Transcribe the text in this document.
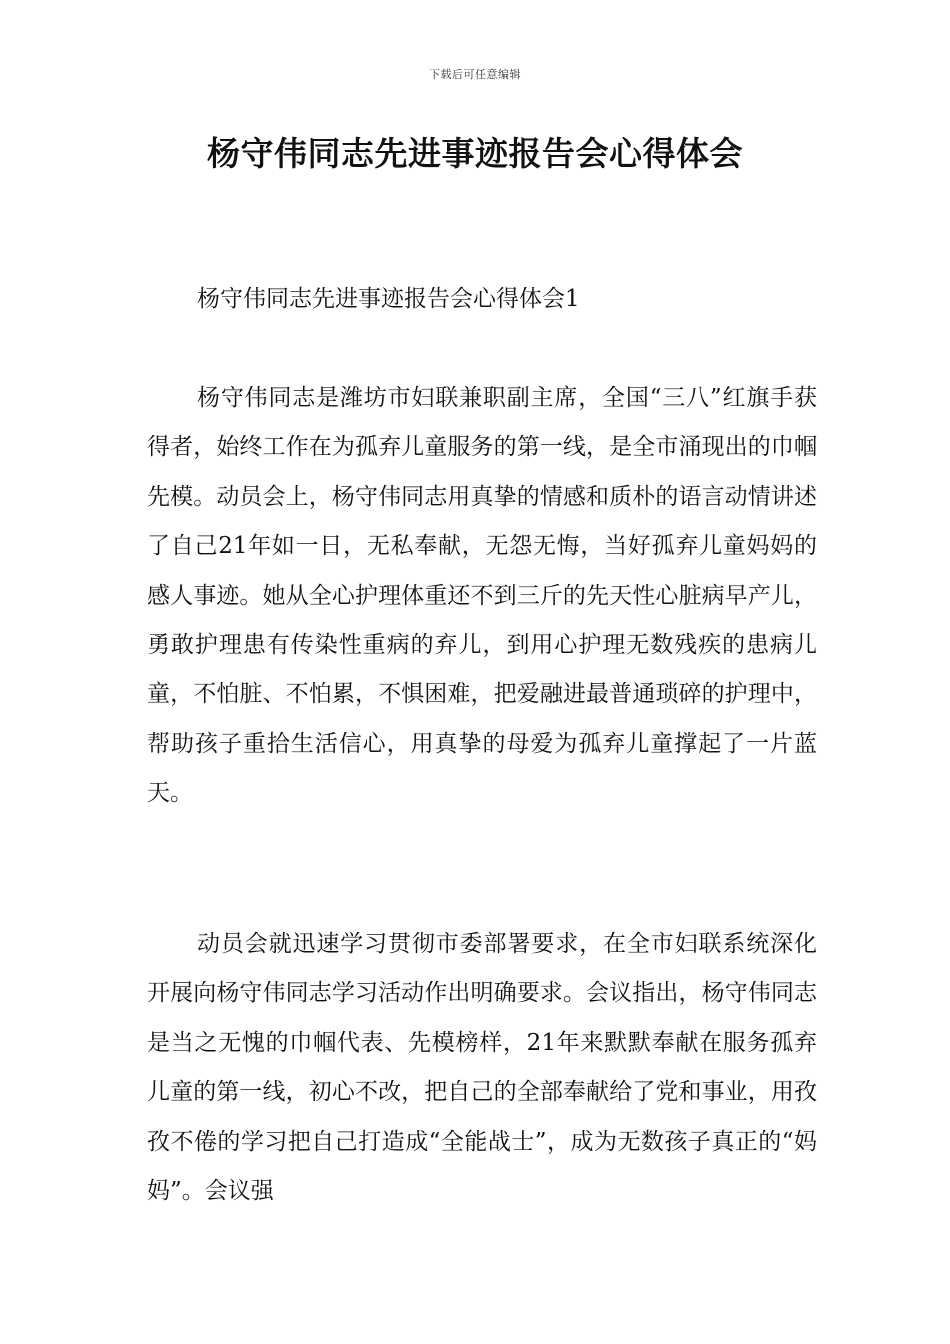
下载后可任意编辑
杨守伟同志先进事迹报告会心得体会
杨守伟同志先进事迹报告会心得体会1
杨守伟同志是潍坊市妇联兼职副主席，全国“三八”红旗手获得者，始终工作在为孤弃儿童服务的第一线，是全市涌现出的巾帼先模。动员会上，杨守伟同志用真挚的情感和质朴的语言动情讲述了自己21年如一日，无私奉献，无怨无悔，当好孤弃儿童妈妈的感人事迹。她从全心护理体重还不到三斤的先天性心脏病早产儿，勇敢护理患有传染性重病的弃儿，到用心护理无数残疾的患病儿童，不怕脏、不怕累，不惧困难，把爱融进最普通琐碎的护理中，帮助孩子重拾生活信心，用真挚的母爱为孤弃儿童撑起了一片蓝天。
动员会就迅速学习贯彻市委部署要求，在全市妇联系统深化开展向杨守伟同志学习活动作出明确要求。会议指出，杨守伟同志是当之无愧的巾帼代表、先模榜样，21年来默默奉献在服务孤弃儿童的第一线，初心不改，把自己的全部奉献给了党和事业，用孜孜不倦的学习把自己打造成“全能战士”，成为无数孩子真正的“妈妈”。会议强
